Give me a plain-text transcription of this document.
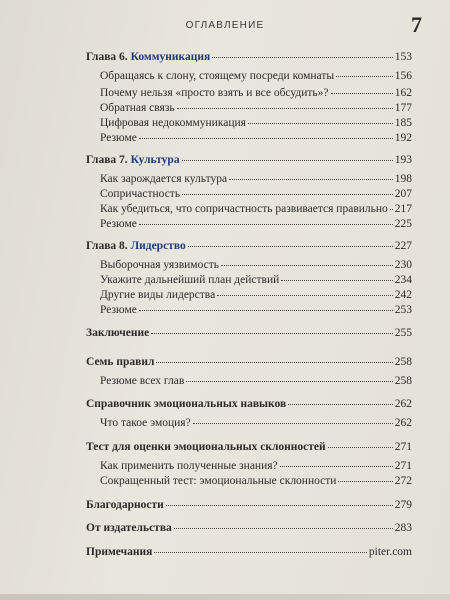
ОГЛАВЛЕНИЕ	7
Глава 6. Коммуникация	153
Обращаясь к слону, стоящему посреди комнаты	156
Почему нельзя «просто взять и все обсудить»?	162
Обратная связь	177
Цифровая недокоммуникация	185
Резюме	192
Глава 7. Культура	193
Как зарождается культура	198
Сопричастность	207
Как убедиться, что сопричастность развивается правильно 217
Резюме	225
Глава 8. Лидерство	227
Выборочная уязвимость	230
Укажите дальнейший план действий	234
Другие виды лидерства	242
Резюме	253
Заключение	255
Семь правил	258
Резюме всех глав	258
Справочник эмоциональных навыков	262
Что такое эмоция?	262
Тест для оценки эмоциональных склонностей	271
Как применить полученные знания?	271
Сокращенный тест: эмоциональные склонности	272
Благодарности	279
От издательства	283
Примечания	piter.com
